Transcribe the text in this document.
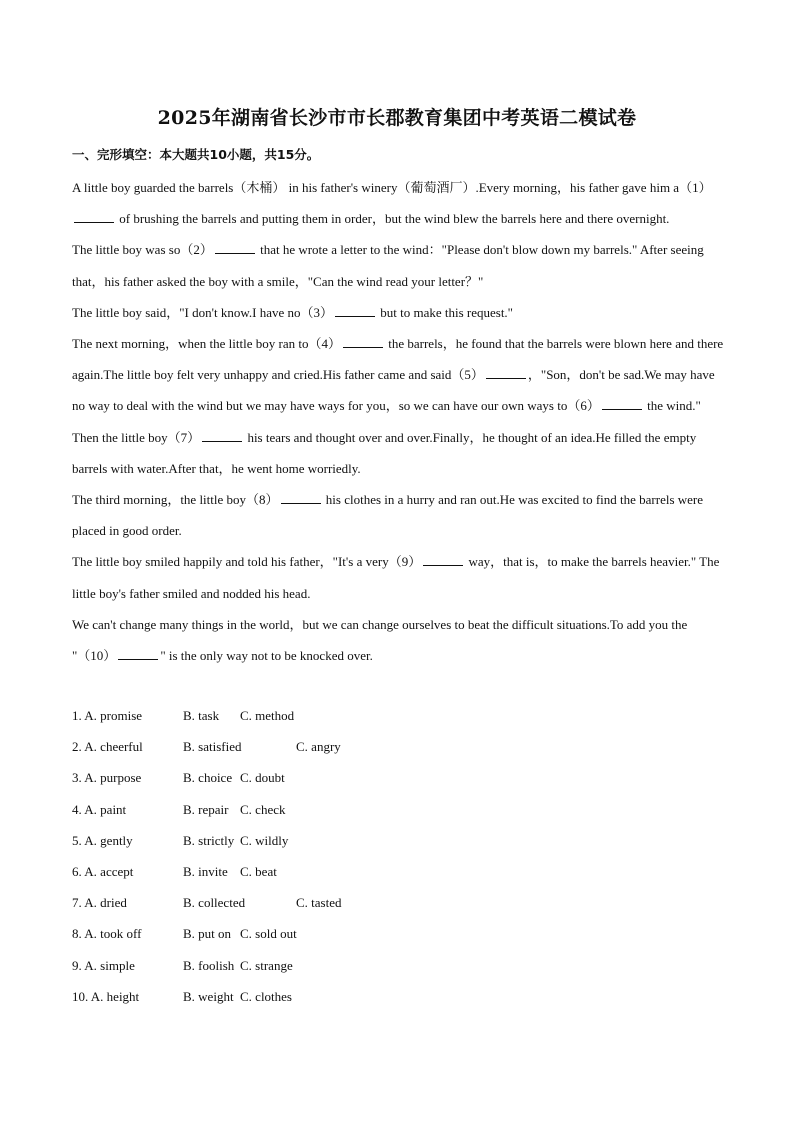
2025年湖南省长沙市市长郡教育集团中考英语二模试卷
一、完形填空：本大题共10小题，共15分。

A little boy guarded the barrels（木桶） in his father's winery（葡萄酒厂）.Every morning，his father gave him a（1） of brushing the barrels and putting them in order，but the wind blew the barrels here and there overnight.

The little boy was so（2）	that he wrote a letter to the wind："Please don't blow down my barrels." After seeing that，his father asked the boy with a smile，"Can the wind read your letter？"

The little boy said，"I don't know.I have no（3）	but to make this request."

The next morning，when the little boy ran to（4）	the barrels，he found that the barrels were blown here and there again.The little boy felt very unhappy and cried.His father came and said（5）	，"Son，don't be sad.We may have no way to deal with the wind but we may have ways for you，so we can have our own ways to（6）	the wind." Then the little boy（7）	his tears and thought over and over.Finally，he thought of an idea.He filled the empty barrels with water.After that，he went home worriedly.

The third morning，the little boy（8）	his clothes in a hurry and ran out.He was excited to find the barrels were placed in good order.

The little boy smiled happily and told his father，"It's a very（9）	way，that is，to make the barrels heavier." The little boy's father smiled and nodded his head.

We can't change many things in the world，but we can change ourselves to beat the difficult situations.To add you the "（10）	" is the only way not to be knocked over.

1. A. promise	B. task C. method
2. A. cheerful	B. satisfied	C. angry
3. A. purpose	B. choice C. doubt
4. A. paint	B. repair C. check
5. A. gently	B. strictly C. wildly
6. A. accept	B. invite C. beat
7. A. dried	B. collected	C. tasted
8. A. took off	B. put on C. sold out
9. A. simple	B. foolish C. strange
10. A. height	B. weight C. clothes
